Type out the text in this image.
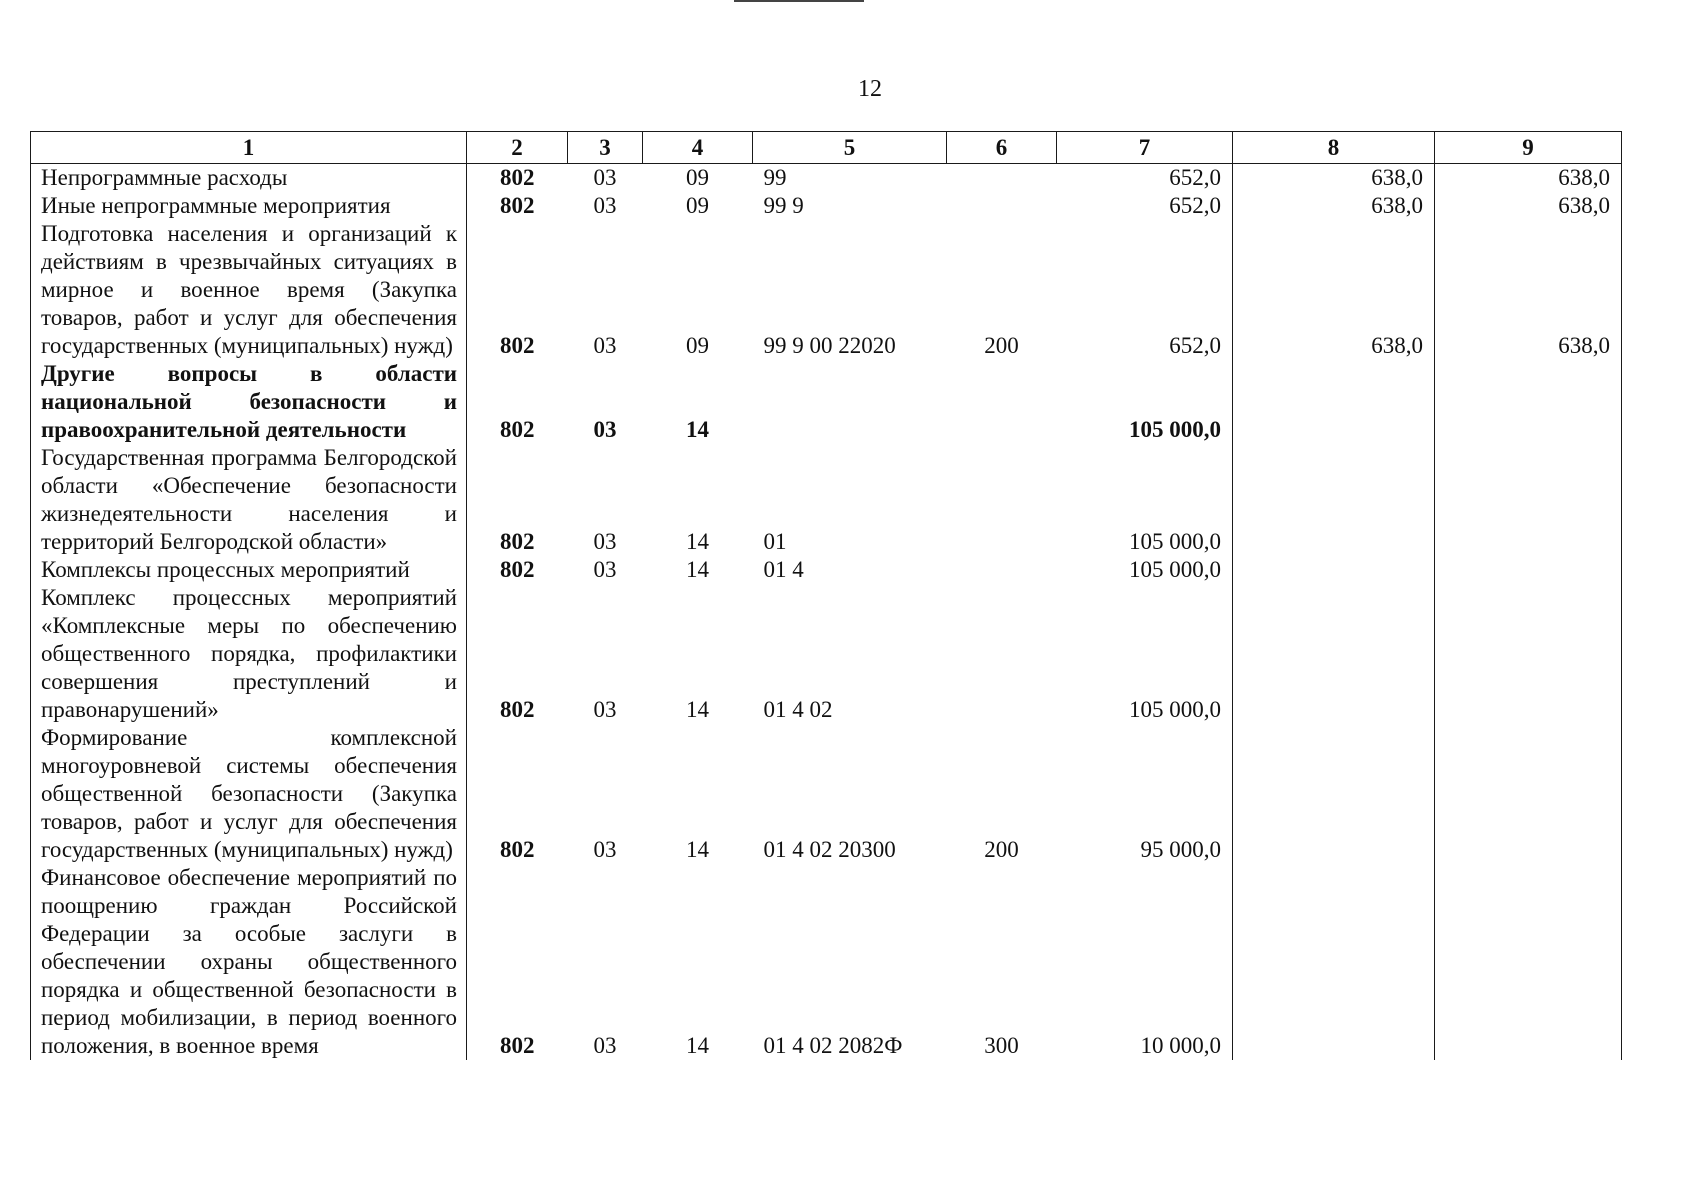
12
1	2	3	4	5	6	7	8	9
Непрограммные расходы	802	03	09	99		652,0	638,0	638,0
Иные непрограммные мероприятия	802	03	09	99 9		652,0	638,0	638,0
Подготовка населения и организаций к действиям в чрезвычайных ситуациях в мирное и военное время (Закупка товаров, работ и услуг для обеспечения государственных (муниципальных) нужд)	802	03	09	99 9 00 22020	200	652,0	638,0	638,0
Другие вопросы в области национальной безопасности и правоохранительной деятельности	802	03	14			105 000,0		
Государственная программа Белгородской области «Обеспечение безопасности жизнедеятельности населения и территорий Белгородской области»	802	03	14	01		105 000,0		
Комплексы процессных мероприятий	802	03	14	01 4		105 000,0		
Комплекс процессных мероприятий «Комплексные меры по обеспечению общественного порядка, профилактики совершения преступлений и правонарушений»	802	03	14	01 4 02		105 000,0		
Формирование комплексной многоуровневой системы обеспечения общественной безопасности (Закупка товаров, работ и услуг для обеспечения государственных (муниципальных) нужд)	802	03	14	01 4 02 20300	200	95 000,0		
Финансовое обеспечение мероприятий по поощрению граждан Российской Федерации за особые заслуги в обеспечении охраны общественного порядка и общественной безопасности в период мобилизации, в период военного положения, в военное время	802	03	14	01 4 02 2082Ф	300	10 000,0		
